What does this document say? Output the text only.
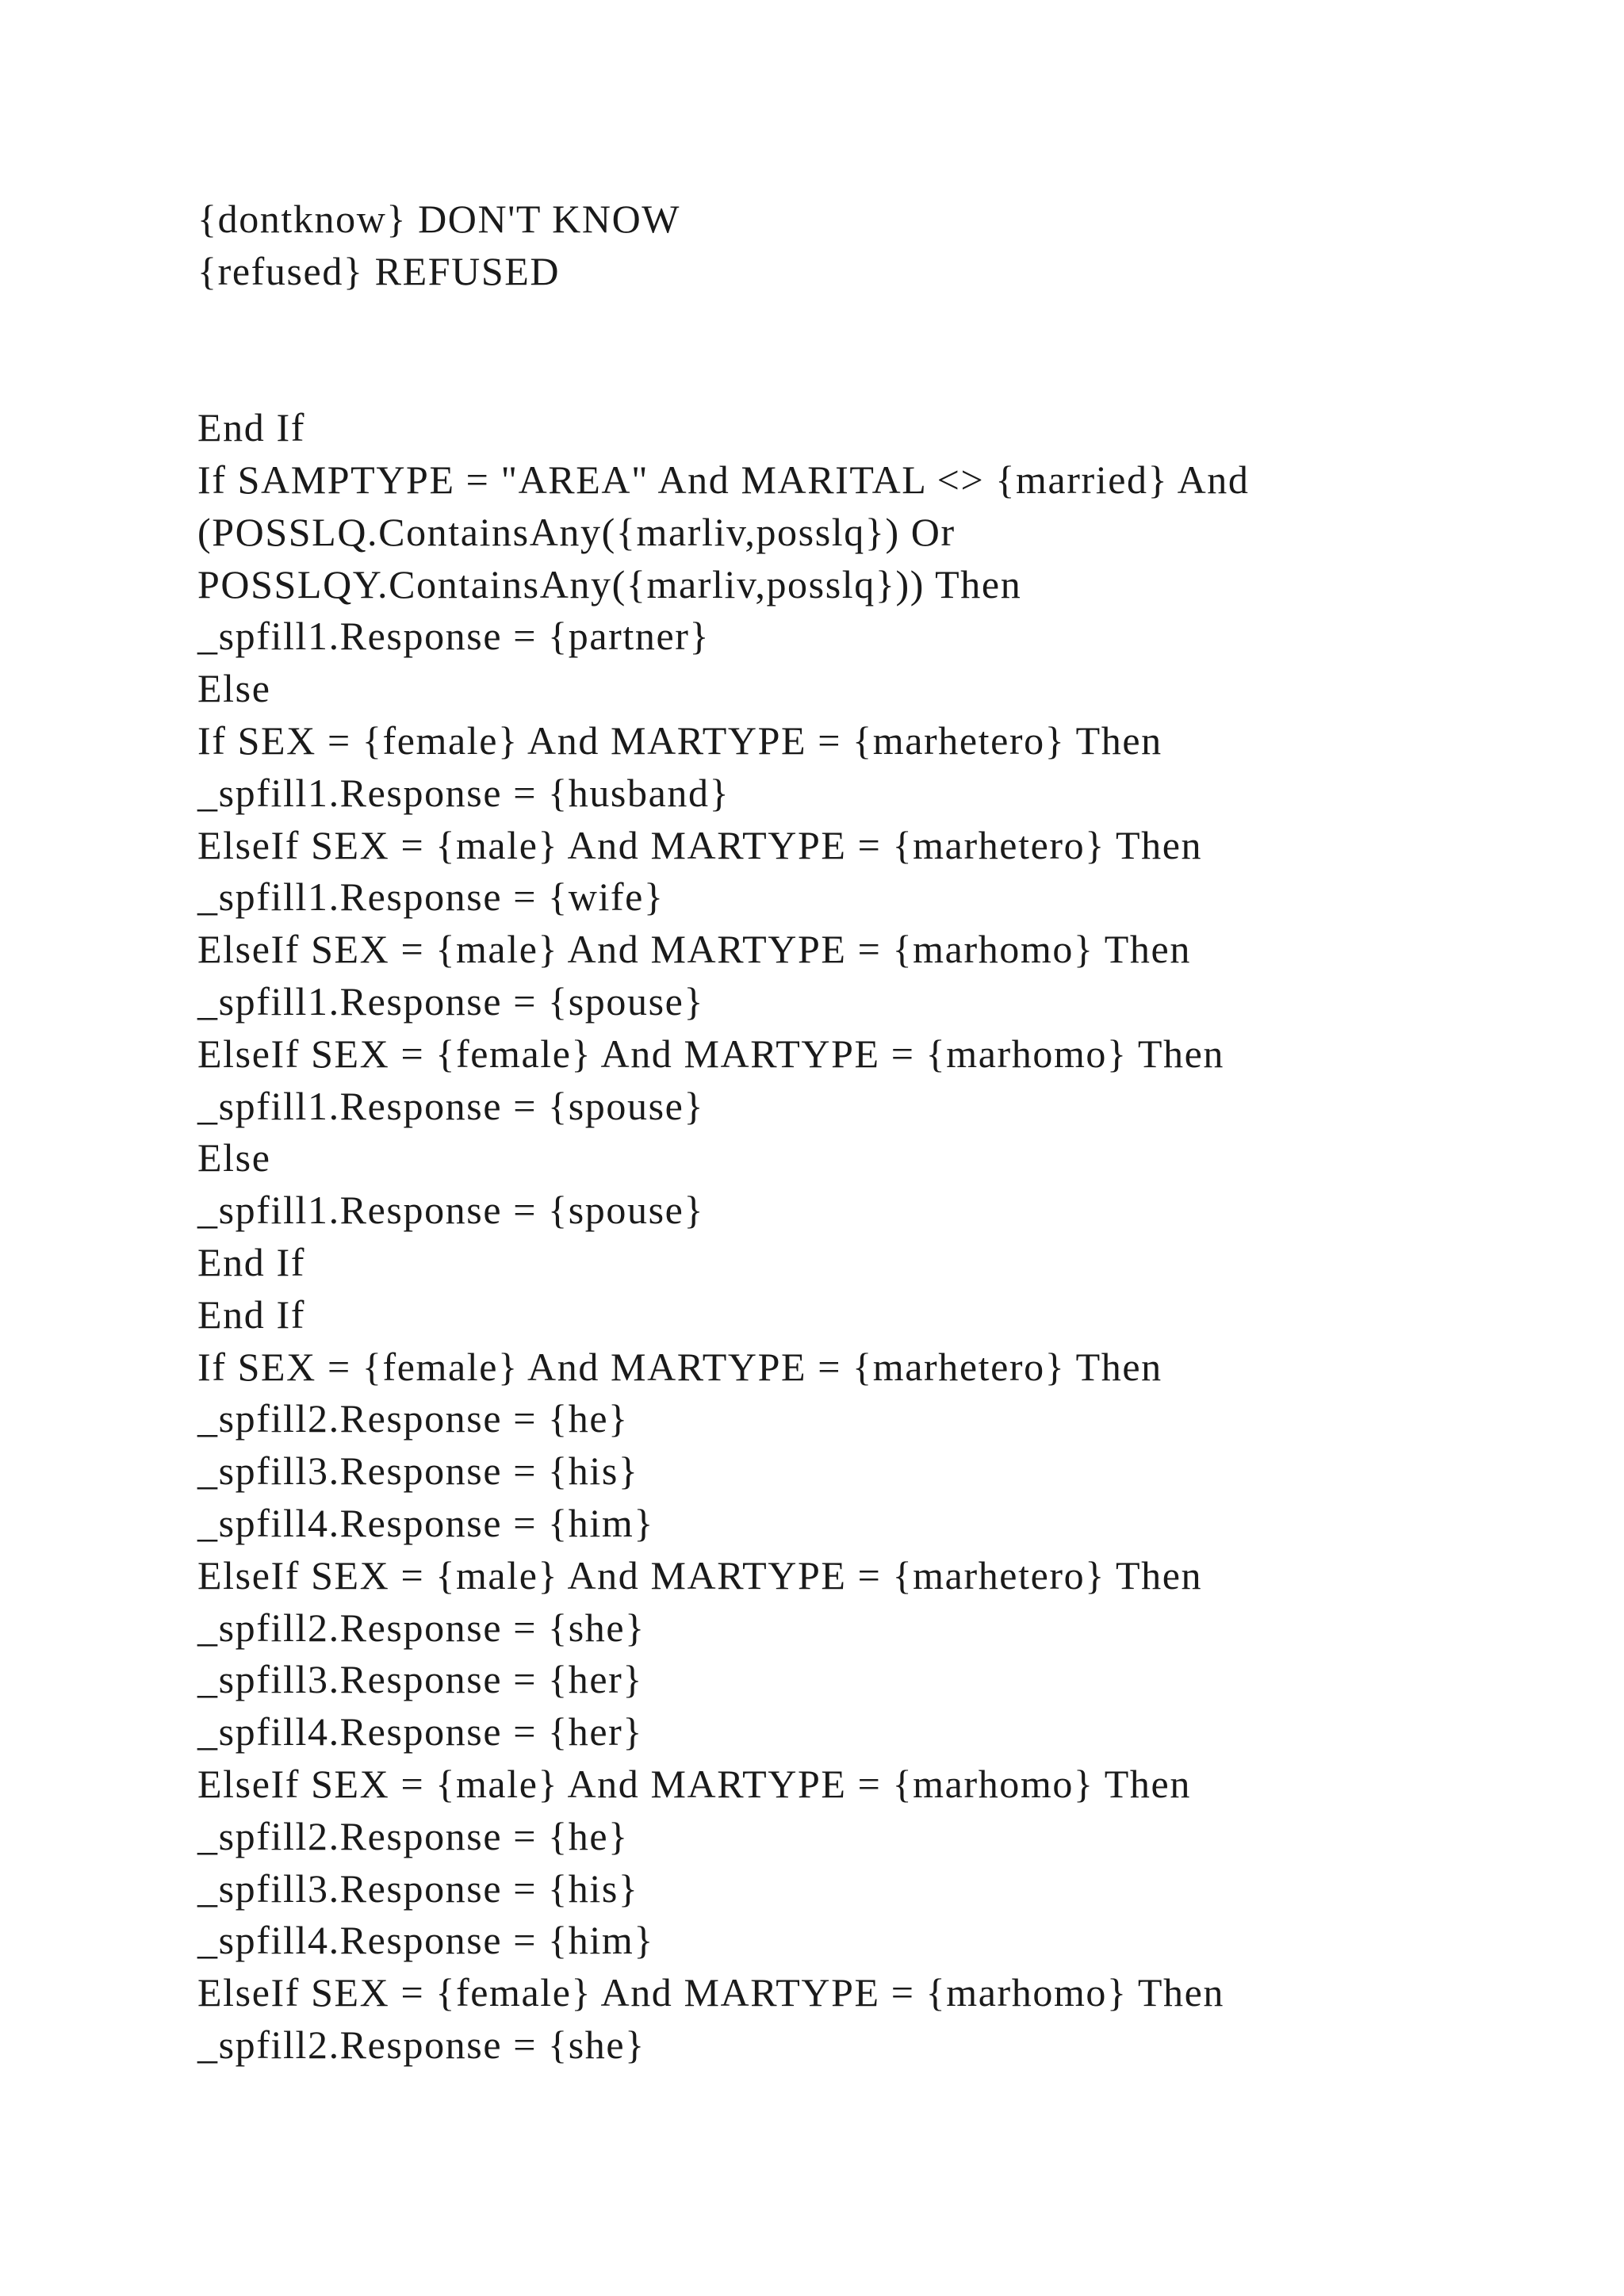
{dontknow} DON'T KNOW
{refused} REFUSED
End If
If SAMPTYPE = "AREA" And MARITAL <> {married} And
(POSSLQ.ContainsAny({marliv,posslq}) Or
POSSLQY.ContainsAny({marliv,posslq})) Then
_spfill1.Response = {partner}
Else
If SEX = {female} And MARTYPE = {marhetero} Then
_spfill1.Response = {husband}
ElseIf SEX = {male} And MARTYPE = {marhetero} Then
_spfill1.Response = {wife}
ElseIf SEX = {male} And MARTYPE = {marhomo} Then
_spfill1.Response = {spouse}
ElseIf SEX = {female} And MARTYPE = {marhomo} Then
_spfill1.Response = {spouse}
Else
_spfill1.Response = {spouse}
End If
End If
If SEX = {female} And MARTYPE = {marhetero} Then
_spfill2.Response = {he}
_spfill3.Response = {his}
_spfill4.Response = {him}
ElseIf SEX = {male} And MARTYPE = {marhetero} Then
_spfill2.Response = {she}
_spfill3.Response = {her}
_spfill4.Response = {her}
ElseIf SEX = {male} And MARTYPE = {marhomo} Then
_spfill2.Response = {he}
_spfill3.Response = {his}
_spfill4.Response = {him}
ElseIf SEX = {female} And MARTYPE = {marhomo} Then
_spfill2.Response = {she}
